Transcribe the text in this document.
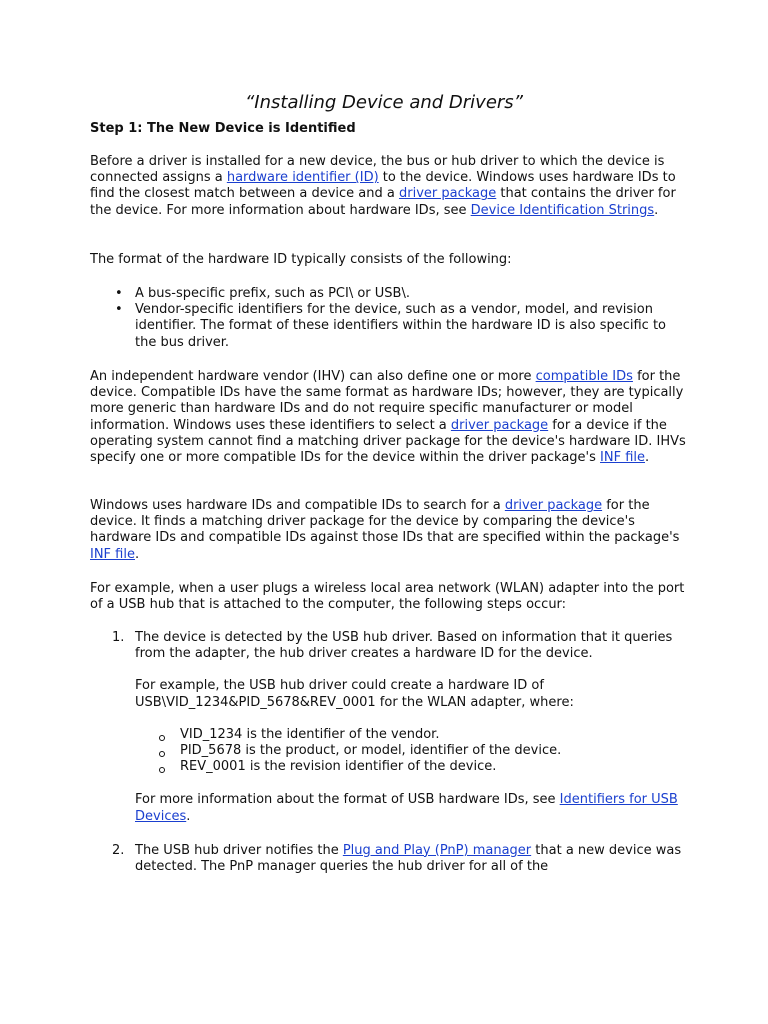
“Installing Device and Drivers”
Step 1: The New Device is Identified

Before a driver is installed for a new device, the bus or hub driver to which the device is connected assigns a hardware identifier (ID) to the device. Windows uses hardware IDs to find the closest match between a device and a driver package that contains the driver for the device. For more information about hardware IDs, see Device Identification Strings.

The format of the hardware ID typically consists of the following:

• A bus-specific prefix, such as PCI\ or USB\.
• Vendor-specific identifiers for the device, such as a vendor, model, and revision identifier. The format of these identifiers within the hardware ID is also specific to the bus driver.

An independent hardware vendor (IHV) can also define one or more compatible IDs for the device. Compatible IDs have the same format as hardware IDs; however, they are typically more generic than hardware IDs and do not require specific manufacturer or model information. Windows uses these identifiers to select a driver package for a device if the operating system cannot find a matching driver package for the device's hardware ID. IHVs specify one or more compatible IDs for the device within the driver package's INF file.

Windows uses hardware IDs and compatible IDs to search for a driver package for the device. It finds a matching driver package for the device by comparing the device's hardware IDs and compatible IDs against those IDs that are specified within the package's INF file.

For example, when a user plugs a wireless local area network (WLAN) adapter into the port of a USB hub that is attached to the computer, the following steps occur:

1. The device is detected by the USB hub driver. Based on information that it queries from the adapter, the hub driver creates a hardware ID for the device.

For example, the USB hub driver could create a hardware ID of USB\VID_1234&PID_5678&REV_0001 for the WLAN adapter, where:

VID_1234 is the identifier of the vendor.
PID_5678 is the product, or model, identifier of the device.
REV_0001 is the revision identifier of the device.

For more information about the format of USB hardware IDs, see Identifiers for USB Devices.

2. The USB hub driver notifies the Plug and Play (PnP) manager that a new device was detected. The PnP manager queries the hub driver for all of the
